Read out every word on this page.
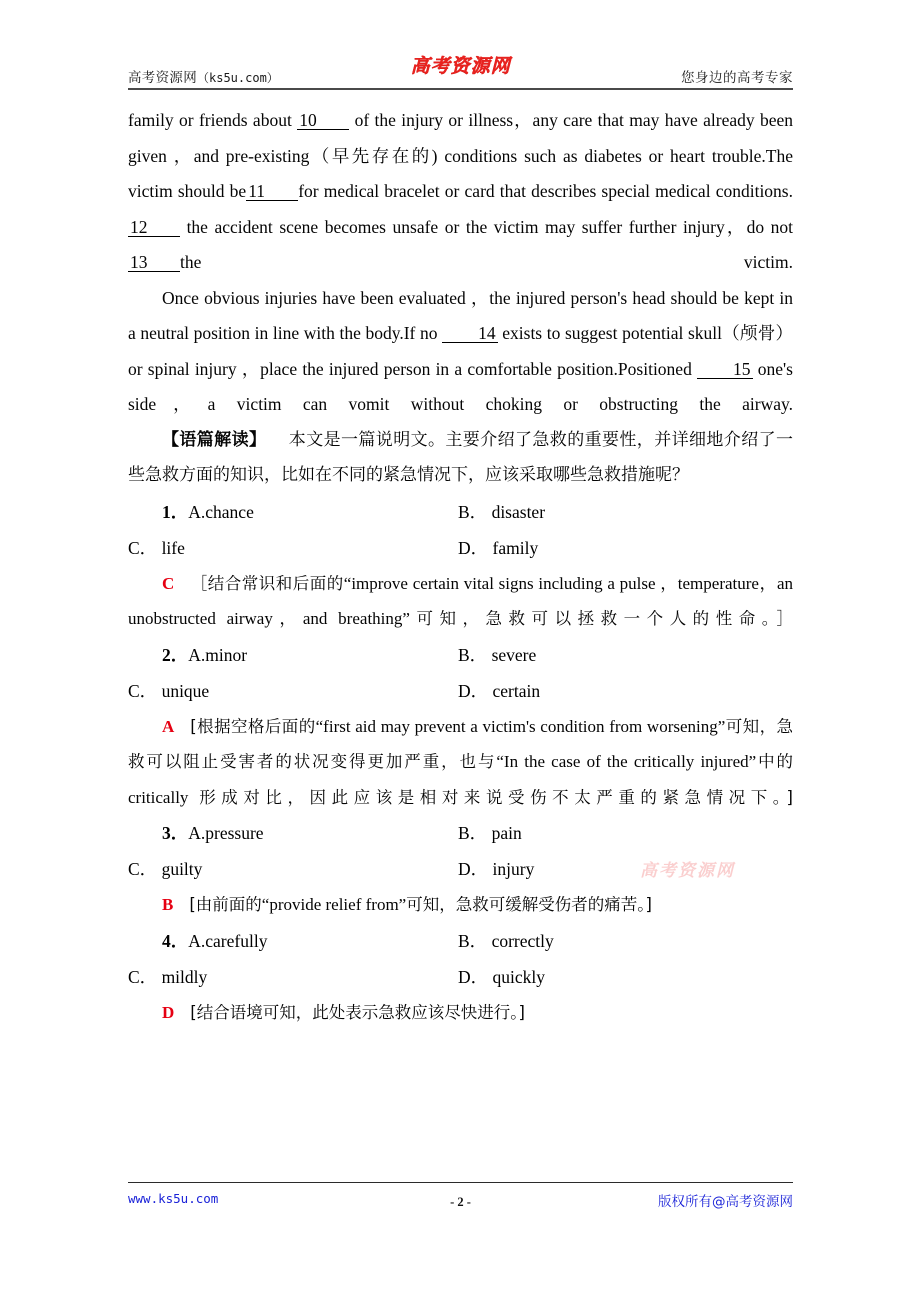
高考资源网（ks5u.com）
高考资源网
您身边的高考专家

family or friends about 10 of the injury or illness，any care that may have already been given ，and pre‑existing（早先存在的) conditions such as diabetes or heart trouble.The victim should be 11 for medical bracelet or card that describes special medical conditions.12 the accident scene becomes unsafe or the victim may suffer further injury，do not13 the victim.

Once obvious injuries have been evaluated ，the injured person's head should be kept in a neutral position in line with the body.If no 14 exists to suggest potential skull（颅骨）or spinal injury ，place the injured person in a comfortable position.Positioned 15 one's side，a victim can vomit without choking or obstructing the airway.

【语篇解读】 本文是一篇说明文。主要介绍了急救的重要性，并详细地介绍了一些急救方面的知识，比如在不同的紧急情况下，应该采取哪些急救措施呢？

1．A.chance	B． disaster
C． life	D． family

C ［结合常识和后面的“improve certain vital signs including a pulse ，temperature，an unobstructed airway，and breathing”可知，急救可以拯救一个人的性命。］

2．A.minor	B． severe
C． unique	D． certain

A [根据空格后面的“first aid may prevent a victim's condition from worsening”可知，急救可以阻止受害者的状况变得更加严重，也与“In the case of the critically injured”中的 critically 形成对比，因此应该是相对来说受伤不太严重的紧急情况下。]

3．A.pressure	B． pain
C． guilty	D． injury

B [由前面的“provide relief from”可知，急救可缓解受伤者的痛苦。]

4．A.carefully	B． correctly
C． mildly	D． quickly

D [结合语境可知，此处表示急救应该尽快进行。]

高考资源网
www.ks5u.com	- 2 -	版权所有@高考资源网
